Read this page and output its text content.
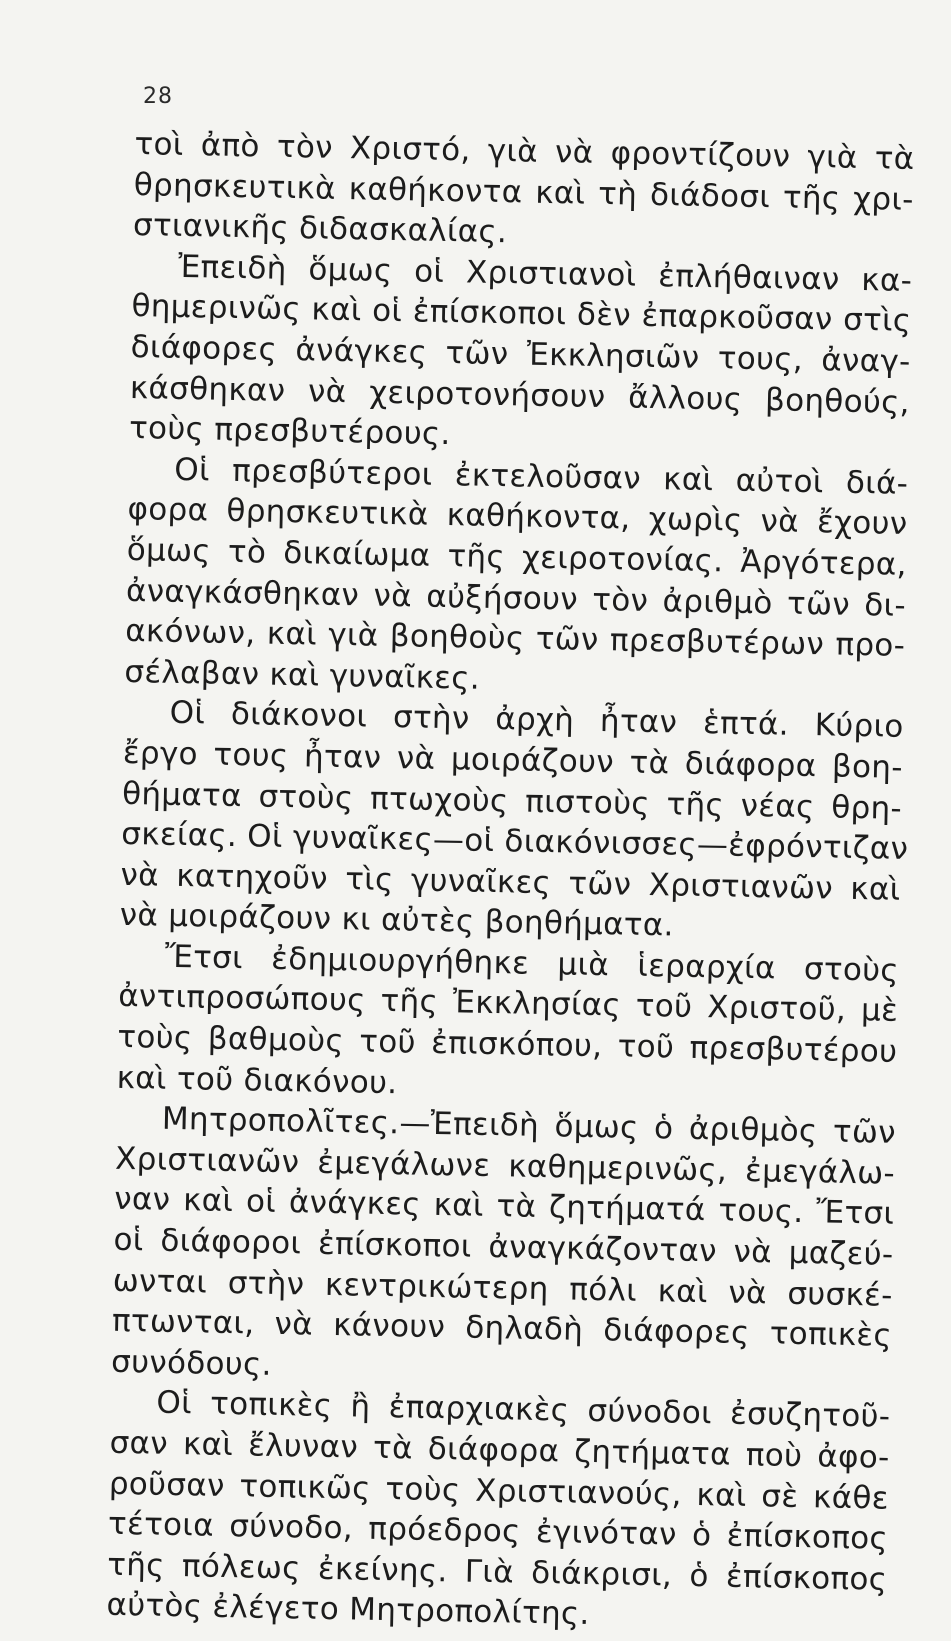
28
τοὶ ἀπὸ τὸν Χριστό, γιὰ νὰ φροντίζουν γιὰ τὰ
θρησκευτικὰ καθήκοντα καὶ τὴ διάδοσι τῆς χρι-
στιανικῆς διδασκαλίας.
Ἐπειδὴ ὅμως οἱ Χριστιανοὶ ἐπλήθαιναν κα-
θημερινῶς καὶ οἱ ἐπίσκοποι δὲν ἐπαρκοῦσαν στὶς
διάφορες ἀνάγκες τῶν Ἐκκλησιῶν τους, ἀναγ-
κάσθηκαν νὰ χειροτονήσουν ἄλλους βοηθούς,
τοὺς πρεσβυτέρους.
Οἱ πρεσβύτεροι ἐκτελοῦσαν καὶ αὐτοὶ διά-
φορα θρησκευτικὰ καθήκοντα, χωρὶς νὰ ἔχουν
ὅμως τὸ δικαίωμα τῆς χειροτονίας. Ἀργότερα,
ἀναγκάσθηκαν νὰ αὐξήσουν τὸν ἀριθμὸ τῶν δι-
ακόνων, καὶ γιὰ βοηθοὺς τῶν πρεσβυτέρων προ-
σέλαβαν καὶ γυναῖκες.
Οἱ διάκονοι στὴν ἀρχὴ ἦταν ἑπτά. Κύριο
ἔργο τους ἦταν νὰ μοιράζουν τὰ διάφορα βοη-
θήματα στοὺς πτωχοὺς πιστοὺς τῆς νέας θρη-
σκείας. Οἱ γυναῖκες—οἱ διακόνισσες—ἐφρόντιζαν
νὰ κατηχοῦν τὶς γυναῖκες τῶν Χριστιανῶν καὶ
νὰ μοιράζουν κι αὐτὲς βοηθήματα.
Ἔτσι ἐδημιουργήθηκε μιὰ ἱεραρχία στοὺς
ἀντιπροσώπους τῆς Ἐκκλησίας τοῦ Χριστοῦ, μὲ
τοὺς βαθμοὺς τοῦ ἐπισκόπου, τοῦ πρεσβυτέρου
καὶ τοῦ διακόνου.
Μητροπολῖτες.—Ἐπειδὴ ὅμως ὁ ἀριθμὸς τῶν
Χριστιανῶν ἐμεγάλωνε καθημερινῶς, ἐμεγάλω-
ναν καὶ οἱ ἀνάγκες καὶ τὰ ζητήματά τους. Ἔτσι
οἱ διάφοροι ἐπίσκοποι ἀναγκάζονταν νὰ μαζεύ-
ωνται στὴν κεντρικώτερη πόλι καὶ νὰ συσκέ-
πτωνται, νὰ κάνουν δηλαδὴ διάφορες τοπικὲς
συνόδους.
Οἱ τοπικὲς ἢ ἐπαρχιακὲς σύνοδοι ἐσυζητοῦ-
σαν καὶ ἔλυναν τὰ διάφορα ζητήματα ποὺ ἀφο-
ροῦσαν τοπικῶς τοὺς Χριστιανούς, καὶ σὲ κάθε
τέτοια σύνοδο, πρόεδρος ἐγινόταν ὁ ἐπίσκοπος
τῆς πόλεως ἐκείνης. Γιὰ διάκρισι, ὁ ἐπίσκοπος
αὐτὸς ἐλέγετο Μητροπολίτης.
